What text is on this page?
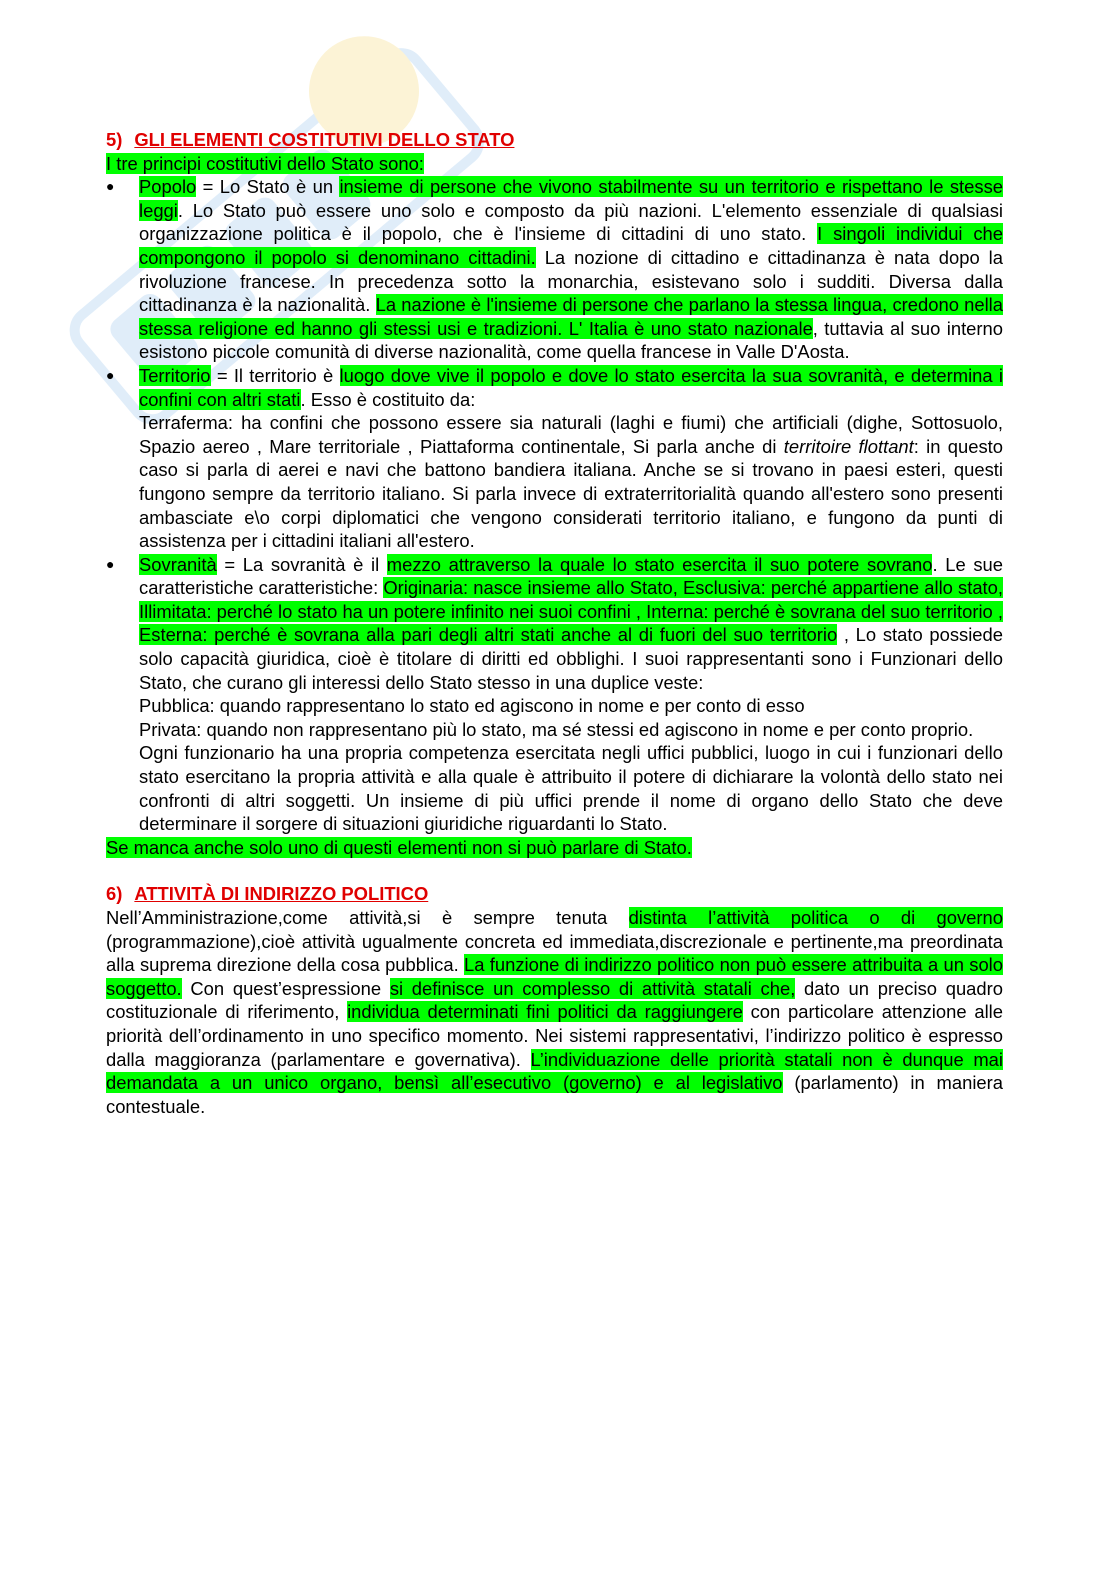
5) GLI ELEMENTI COSTITUTIVI DELLO STATO

I tre principi costitutivi dello Stato sono:

● Popolo = Lo Stato è un insieme di persone che vivono stabilmente su un territorio e rispettano le stesse leggi. Lo Stato può essere uno solo e composto da più nazioni. L'elemento essenziale di qualsiasi organizzazione politica è il popolo, che è l'insieme di cittadini di uno stato. I singoli individui che compongono il popolo si denominano cittadini. La nozione di cittadino e cittadinanza è nata dopo la rivoluzione francese. In precedenza sotto la monarchia, esistevano solo i sudditi. Diversa dalla cittadinanza è la nazionalità. La nazione è l'insieme di persone che parlano la stessa lingua, credono nella stessa religione ed hanno gli stessi usi e tradizioni. L' Italia è uno stato nazionale, tuttavia al suo interno esistono piccole comunità di diverse nazionalità, come quella francese in Valle D'Aosta.
● Territorio = Il territorio è luogo dove vive il popolo e dove lo stato esercita la sua sovranità, e determina i confini con altri stati. Esso è costituito da:
Terraferma: ha confini che possono essere sia naturali (laghi e fiumi) che artificiali (dighe, Sottosuolo, Spazio aereo , Mare territoriale , Piattaforma continentale, Si parla anche di territoire flottant: in questo caso si parla di aerei e navi che battono bandiera italiana. Anche se si trovano in paesi esteri, questi fungono sempre da territorio italiano. Si parla invece di extraterritorialità quando all'estero sono presenti ambasciate e\o corpi diplomatici che vengono considerati territorio italiano, e fungono da punti di assistenza per i cittadini italiani all'estero.
● Sovranità = La sovranità è il mezzo attraverso la quale lo stato esercita il suo potere sovrano. Le sue caratteristiche caratteristiche: Originaria: nasce insieme allo Stato, Esclusiva: perché appartiene allo stato, Illimitata: perché lo stato ha un potere infinito nei suoi confini , Interna: perché è sovrana del suo territorio , Esterna: perché è sovrana alla pari degli altri stati anche al di fuori del suo territorio , Lo stato possiede solo capacità giuridica, cioè è titolare di diritti ed obblighi. I suoi rappresentanti sono i Funzionari dello Stato, che curano gli interessi dello Stato stesso in una duplice veste:
Pubblica: quando rappresentano lo stato ed agiscono in nome e per conto di esso
Privata: quando non rappresentano più lo stato, ma sé stessi ed agiscono in nome e per conto proprio.
Ogni funzionario ha una propria competenza esercitata negli uffici pubblici, luogo in cui i funzionari dello stato esercitano la propria attività e alla quale è attribuito il potere di dichiarare la volontà dello stato nei confronti di altri soggetti. Un insieme di più uffici prende il nome di organo dello Stato che deve determinare il sorgere di situazioni giuridiche riguardanti lo Stato.

Se manca anche solo uno di questi elementi non si può parlare di Stato.

6) ATTIVITÀ DI INDIRIZZO POLITICO

Nell’Amministrazione,come attività,si è sempre tenuta distinta l’attività politica o di governo (programmazione),cioè attività ugualmente concreta ed immediata,discrezionale e pertinente,ma preordinata alla suprema direzione della cosa pubblica. La funzione di indirizzo politico non può essere attribuita a un solo soggetto. Con quest’espressione si definisce un complesso di attività statali che, dato un preciso quadro costituzionale di riferimento, individua determinati fini politici da raggiungere con particolare attenzione alle priorità dell’ordinamento in uno specifico momento. Nei sistemi rappresentativi, l’indirizzo politico è espresso dalla maggioranza (parlamentare e governativa). L’individuazione delle priorità statali non è dunque mai demandata a un unico organo, bensì all’esecutivo (governo) e al legislativo (parlamento) in maniera contestuale.
